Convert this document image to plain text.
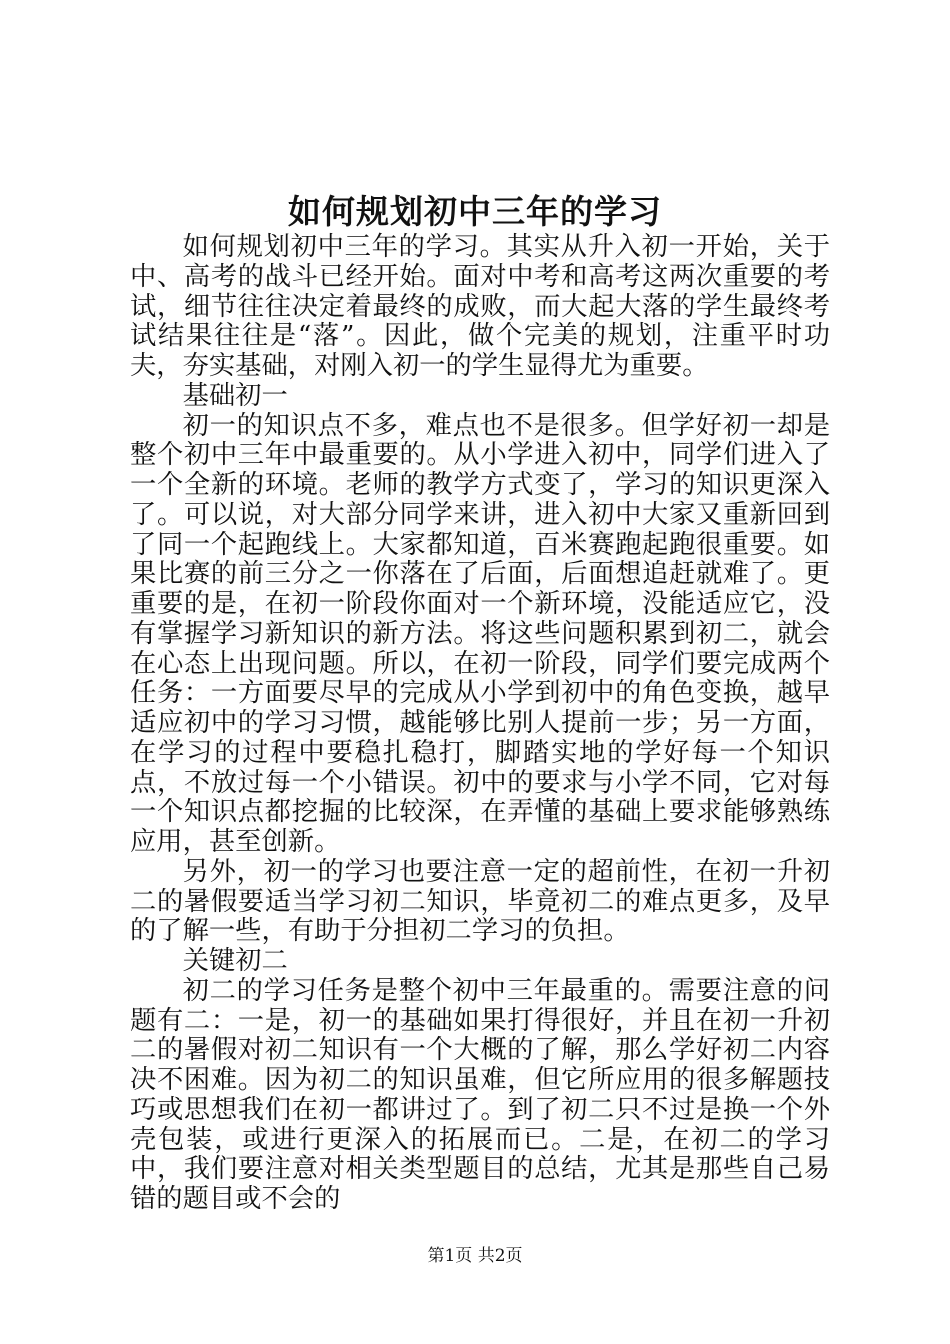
如何规划初中三年的学习

如何规划初中三年的学习。其实从升入初一开始，关于中、高考的战斗已经开始。面对中考和高考这两次重要的考试，细节往往决定着最终的成败，而大起大落的学生最终考试结果往往是“落”。因此，做个完美的规划，注重平时功夫，夯实基础，对刚入初一的学生显得尤为重要。

基础初一

初一的知识点不多，难点也不是很多。但学好初一却是整个初中三年中最重要的。从小学进入初中，同学们进入了一个全新的环境。老师的教学方式变了，学习的知识更深入了。可以说，对大部分同学来讲，进入初中大家又重新回到了同一个起跑线上。大家都知道，百米赛跑起跑很重要。如果比赛的前三分之一你落在了后面，后面想追赶就难了。更重要的是，在初一阶段你面对一个新环境，没能适应它，没有掌握学习新知识的新方法。将这些问题积累到初二，就会在心态上出现问题。所以，在初一阶段，同学们要完成两个任务：一方面要尽早的完成从小学到初中的角色变换，越早适应初中的学习习惯，越能够比别人提前一步；另一方面，在学习的过程中要稳扎稳打，脚踏实地的学好每一个知识点，不放过每一个小错误。初中的要求与小学不同，它对每一个知识点都挖掘的比较深，在弄懂的基础上要求能够熟练应用，甚至创新。

另外，初一的学习也要注意一定的超前性，在初一升初二的暑假要适当学习初二知识，毕竟初二的难点更多，及早的了解一些，有助于分担初二学习的负担。

关键初二

初二的学习任务是整个初中三年最重的。需要注意的问题有二：一是，初一的基础如果打得很好，并且在初一升初二的暑假对初二知识有一个大概的了解，那么学好初二内容决不困难。因为初二的知识虽难，但它所应用的很多解题技巧或思想我们在初一都讲过了。到了初二只不过是换一个外壳包装，或进行更深入的拓展而已。二是，在初二的学习中，我们要注意对相关类型题目的总结，尤其是那些自己易错的题目或不会的

第1页 共2页
